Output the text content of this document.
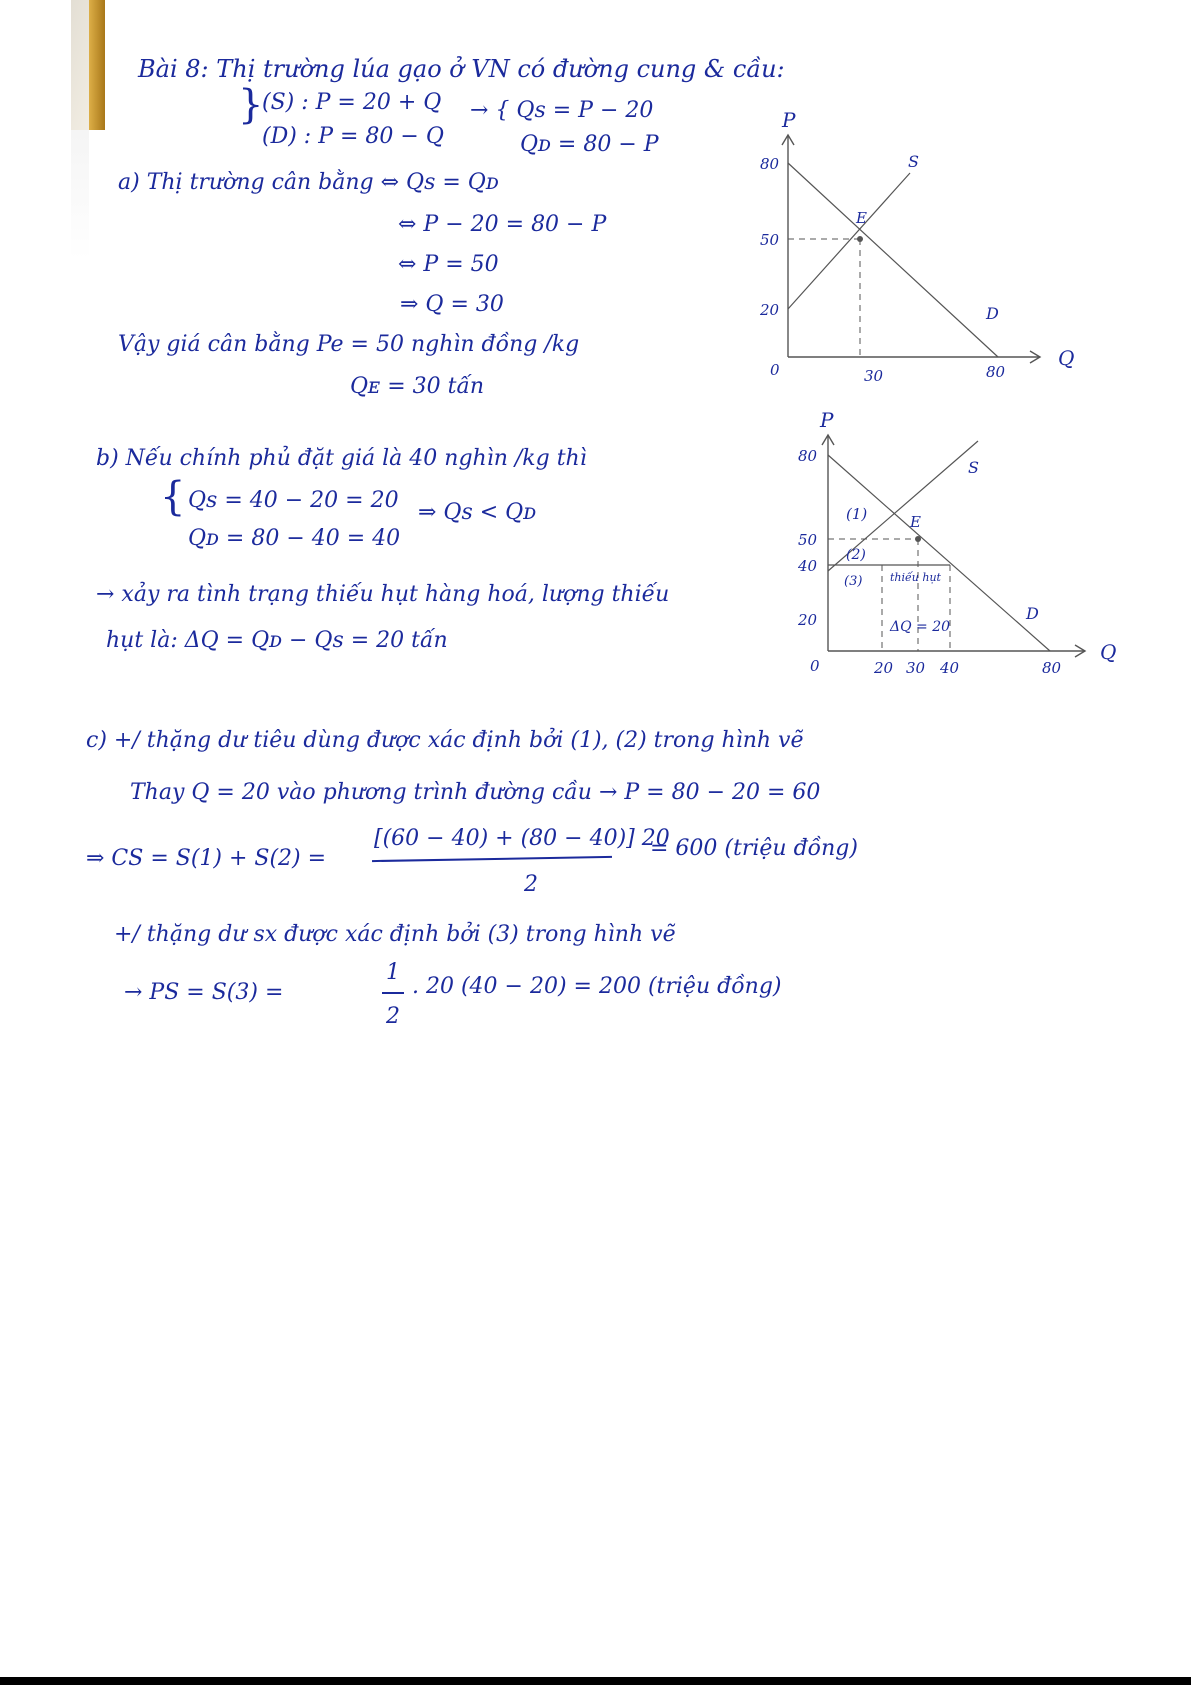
Bài 8: Thị trường lúa gạo ở VN có đường cung & cầu:
}
(S) : P = 20 + Q
(D) : P = 80 − Q
→ { Qs = P − 20
Qᴅ = 80 − P
a) Thị trường cân bằng ⇔ Qs = Qᴅ
⇔ P − 20 = 80 − P
⇔ P = 50
⇒ Q = 30
Vậy giá cân bằng Pe = 50 nghìn đồng /kg
Qᴇ = 30 tấn
b) Nếu chính phủ đặt giá là 40 nghìn /kg thì
{ Qs = 40 − 20 = 20
Qᴅ = 80 − 40 = 40
⇒ Qs < Qᴅ
→ xảy ra tình trạng thiếu hụt hàng hoá, lượng thiếu
hụt là: ΔQ = Qᴅ − Qs = 20 tấn
c) +/ thặng dư tiêu dùng được xác định bởi (1), (2) trong hình vẽ
Thay Q = 20 vào phương trình đường cầu → P = 80 − 20 = 60
⇒ CS = S(1) + S(2) =
[(60 − 40) + (80 − 40)] 20
2
= 600 (triệu đồng)
+/ thặng dư sx được xác định bởi (3) trong hình vẽ
→ PS = S(3) =
1
2
. 20 (40 − 20) = 200 (triệu đồng)
P
Q
80
50
20
0	30	80
S
D
E
P
Q
80
50
40
20
0	20 30 40	80
S
D
E
(1)
(2)
(3)	thiếu hụt
ΔQ = 20
